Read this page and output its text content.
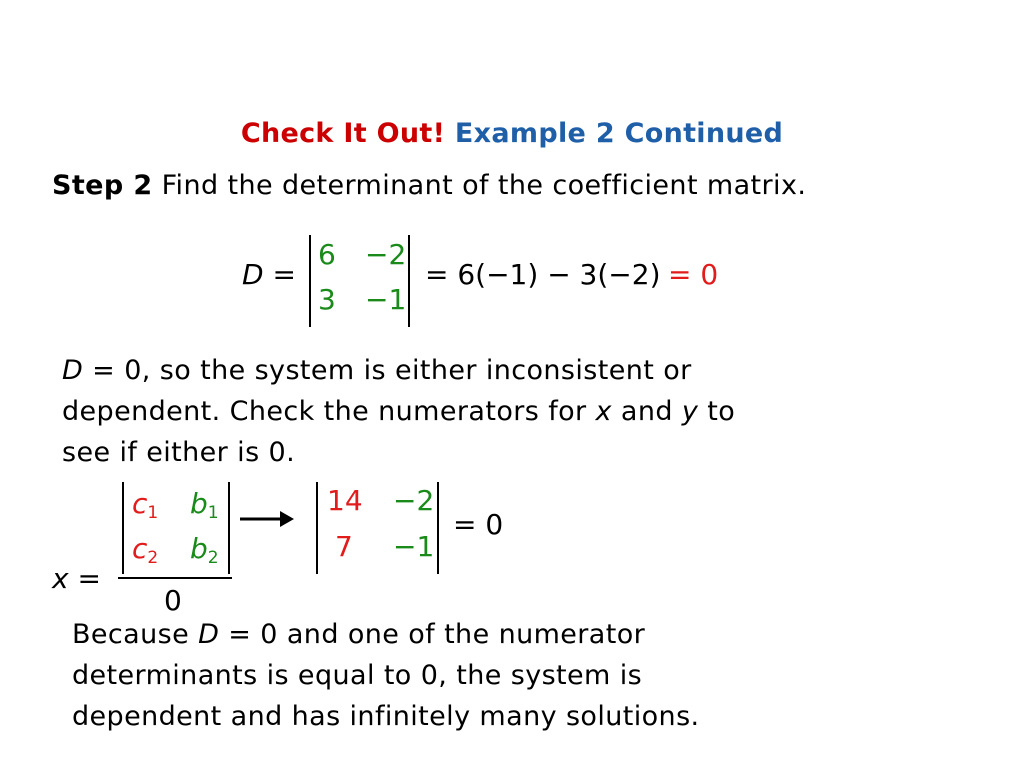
Check It Out! Example 2 Continued
Step 2 Find the determinant of the coefficient matrix.
D =
6 −2
3 −1
= 6(−1) − 3(−2) = 0
D = 0, so the system is either inconsistent or
dependent. Check the numerators for x and y to
see if either is 0.
x =
$c_1$ $b_1$
$c_2$ $b_2$
0
14 −2
7 −1
= 0
Because D = 0 and one of the numerator
determinants is equal to 0, the system is
dependent and has infinitely many solutions.
